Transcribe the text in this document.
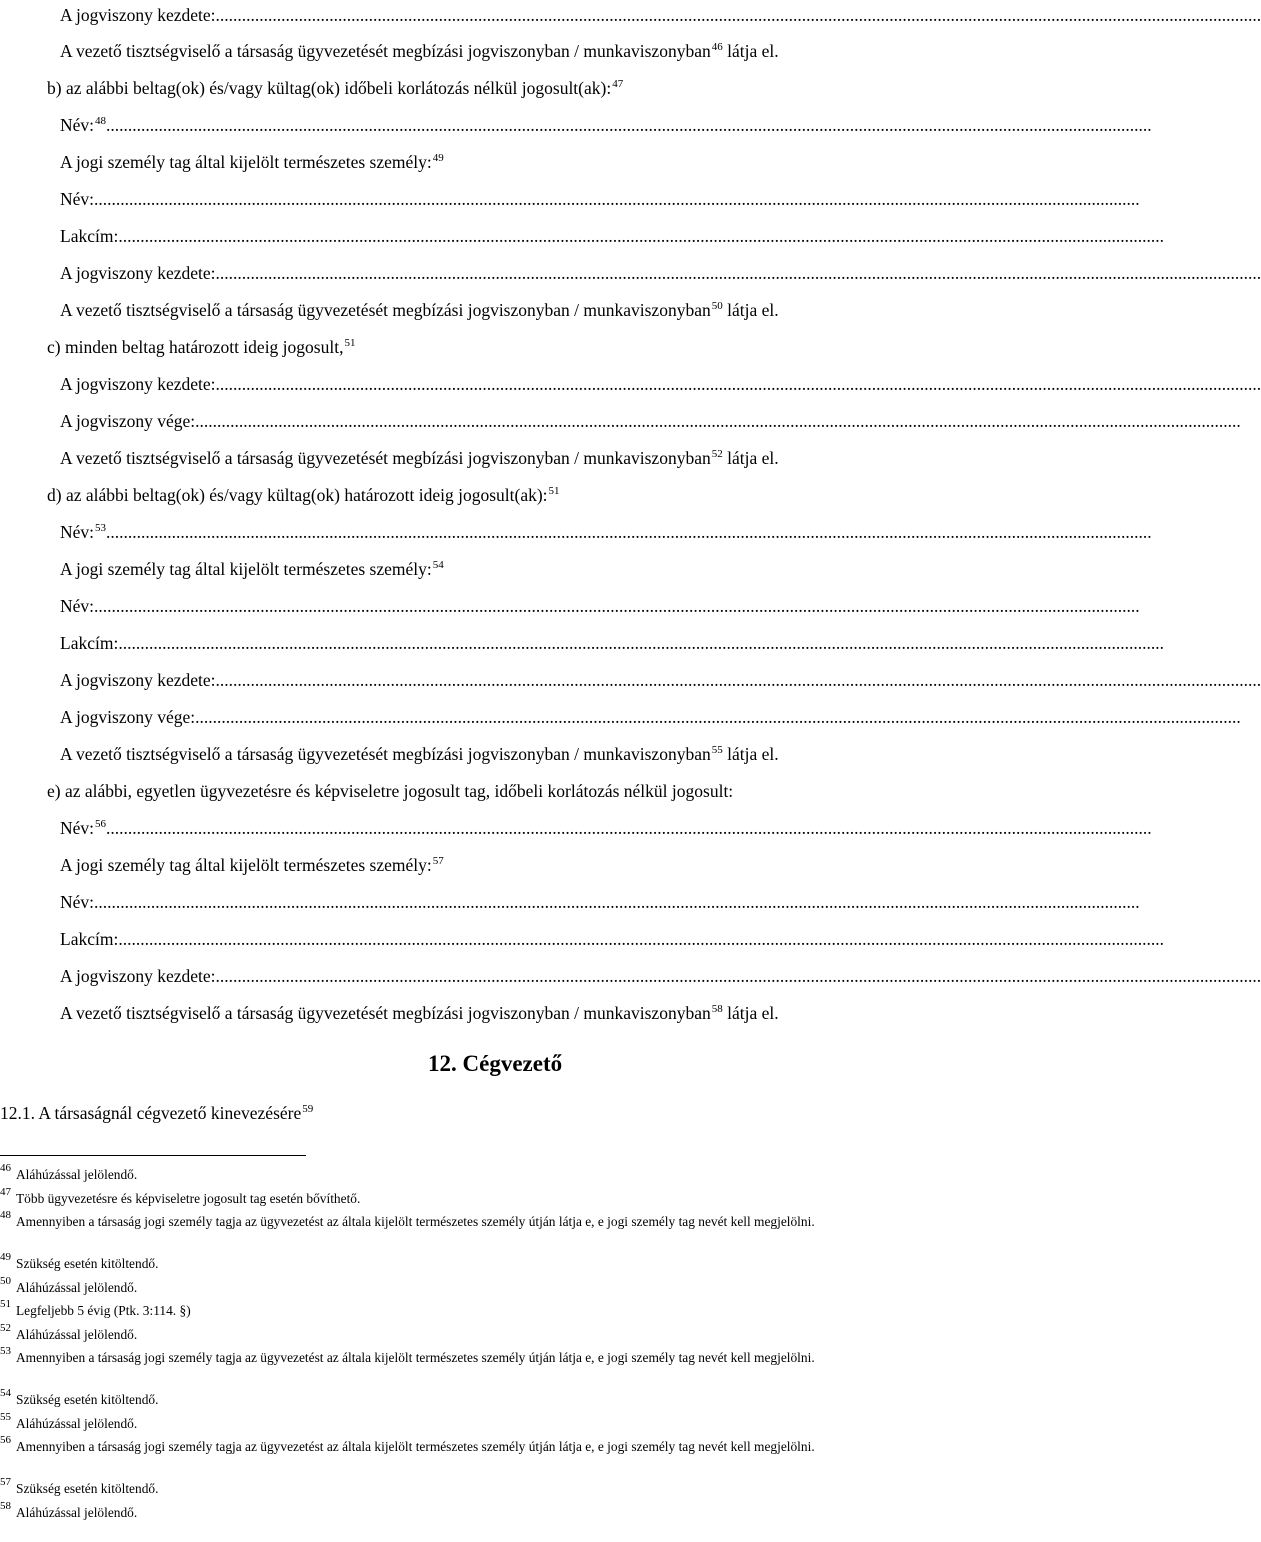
A jogviszony kezdete:...............................................................................................................................................................................................................................................
A vezető tisztségviselő a társaság ügyvezetését megbízási jogviszonyban / munkaviszonyban$^{46}$ látja el.
b) az alábbi beltag(ok) és/vagy kültag(ok) időbeli korlátozás nélkül jogosult(ak):$^{47}$
Név:$^{48}$...............................................................................................................................................................................................................................................
A jogi személy tag által kijelölt természetes személy:$^{49}$
Név:...............................................................................................................................................................................................................................................
Lakcím:...............................................................................................................................................................................................................................................
A jogviszony kezdete:...............................................................................................................................................................................................................................................
A vezető tisztségviselő a társaság ügyvezetését megbízási jogviszonyban / munkaviszonyban$^{50}$ látja el.
c) minden beltag határozott ideig jogosult,$^{51}$
A jogviszony kezdete:...............................................................................................................................................................................................................................................
A jogviszony vége:...............................................................................................................................................................................................................................................
A vezető tisztségviselő a társaság ügyvezetését megbízási jogviszonyban / munkaviszonyban$^{52}$ látja el.
d) az alábbi beltag(ok) és/vagy kültag(ok) határozott ideig jogosult(ak):$^{51}$
Név:$^{53}$...............................................................................................................................................................................................................................................
A jogi személy tag által kijelölt természetes személy:$^{54}$
Név:...............................................................................................................................................................................................................................................
Lakcím:...............................................................................................................................................................................................................................................
A jogviszony kezdete:...............................................................................................................................................................................................................................................
A jogviszony vége:...............................................................................................................................................................................................................................................
A vezető tisztségviselő a társaság ügyvezetését megbízási jogviszonyban / munkaviszonyban$^{55}$ látja el.
e) az alábbi, egyetlen ügyvezetésre és képviseletre jogosult tag, időbeli korlátozás nélkül jogosult:
Név:$^{56}$...............................................................................................................................................................................................................................................
A jogi személy tag által kijelölt természetes személy:$^{57}$
Név:...............................................................................................................................................................................................................................................
Lakcím:...............................................................................................................................................................................................................................................
A jogviszony kezdete:...............................................................................................................................................................................................................................................
A vezető tisztségviselő a társaság ügyvezetését megbízási jogviszonyban / munkaviszonyban$^{58}$ látja el.
12. Cégvezető
12.1. A társaságnál cégvezető kinevezésére$^{59}$
$^{46}$ Aláhúzással jelölendő.
$^{47}$ Több ügyvezetésre és képviseletre jogosult tag esetén bővíthető.
$^{48}$ Amennyiben a társaság jogi személy tagja az ügyvezetést az általa kijelölt természetes személy útján látja e, e jogi személy tag nevét kell megjelölni.
$^{49}$ Szükség esetén kitöltendő.
$^{50}$ Aláhúzással jelölendő.
$^{51}$ Legfeljebb 5 évig (Ptk. 3:114. §)
$^{52}$ Aláhúzással jelölendő.
$^{53}$ Amennyiben a társaság jogi személy tagja az ügyvezetést az általa kijelölt természetes személy útján látja e, e jogi személy tag nevét kell megjelölni.
$^{54}$ Szükség esetén kitöltendő.
$^{55}$ Aláhúzással jelölendő.
$^{56}$ Amennyiben a társaság jogi személy tagja az ügyvezetést az általa kijelölt természetes személy útján látja e, e jogi személy tag nevét kell megjelölni.
$^{57}$ Szükség esetén kitöltendő.
$^{58}$ Aláhúzással jelölendő.
